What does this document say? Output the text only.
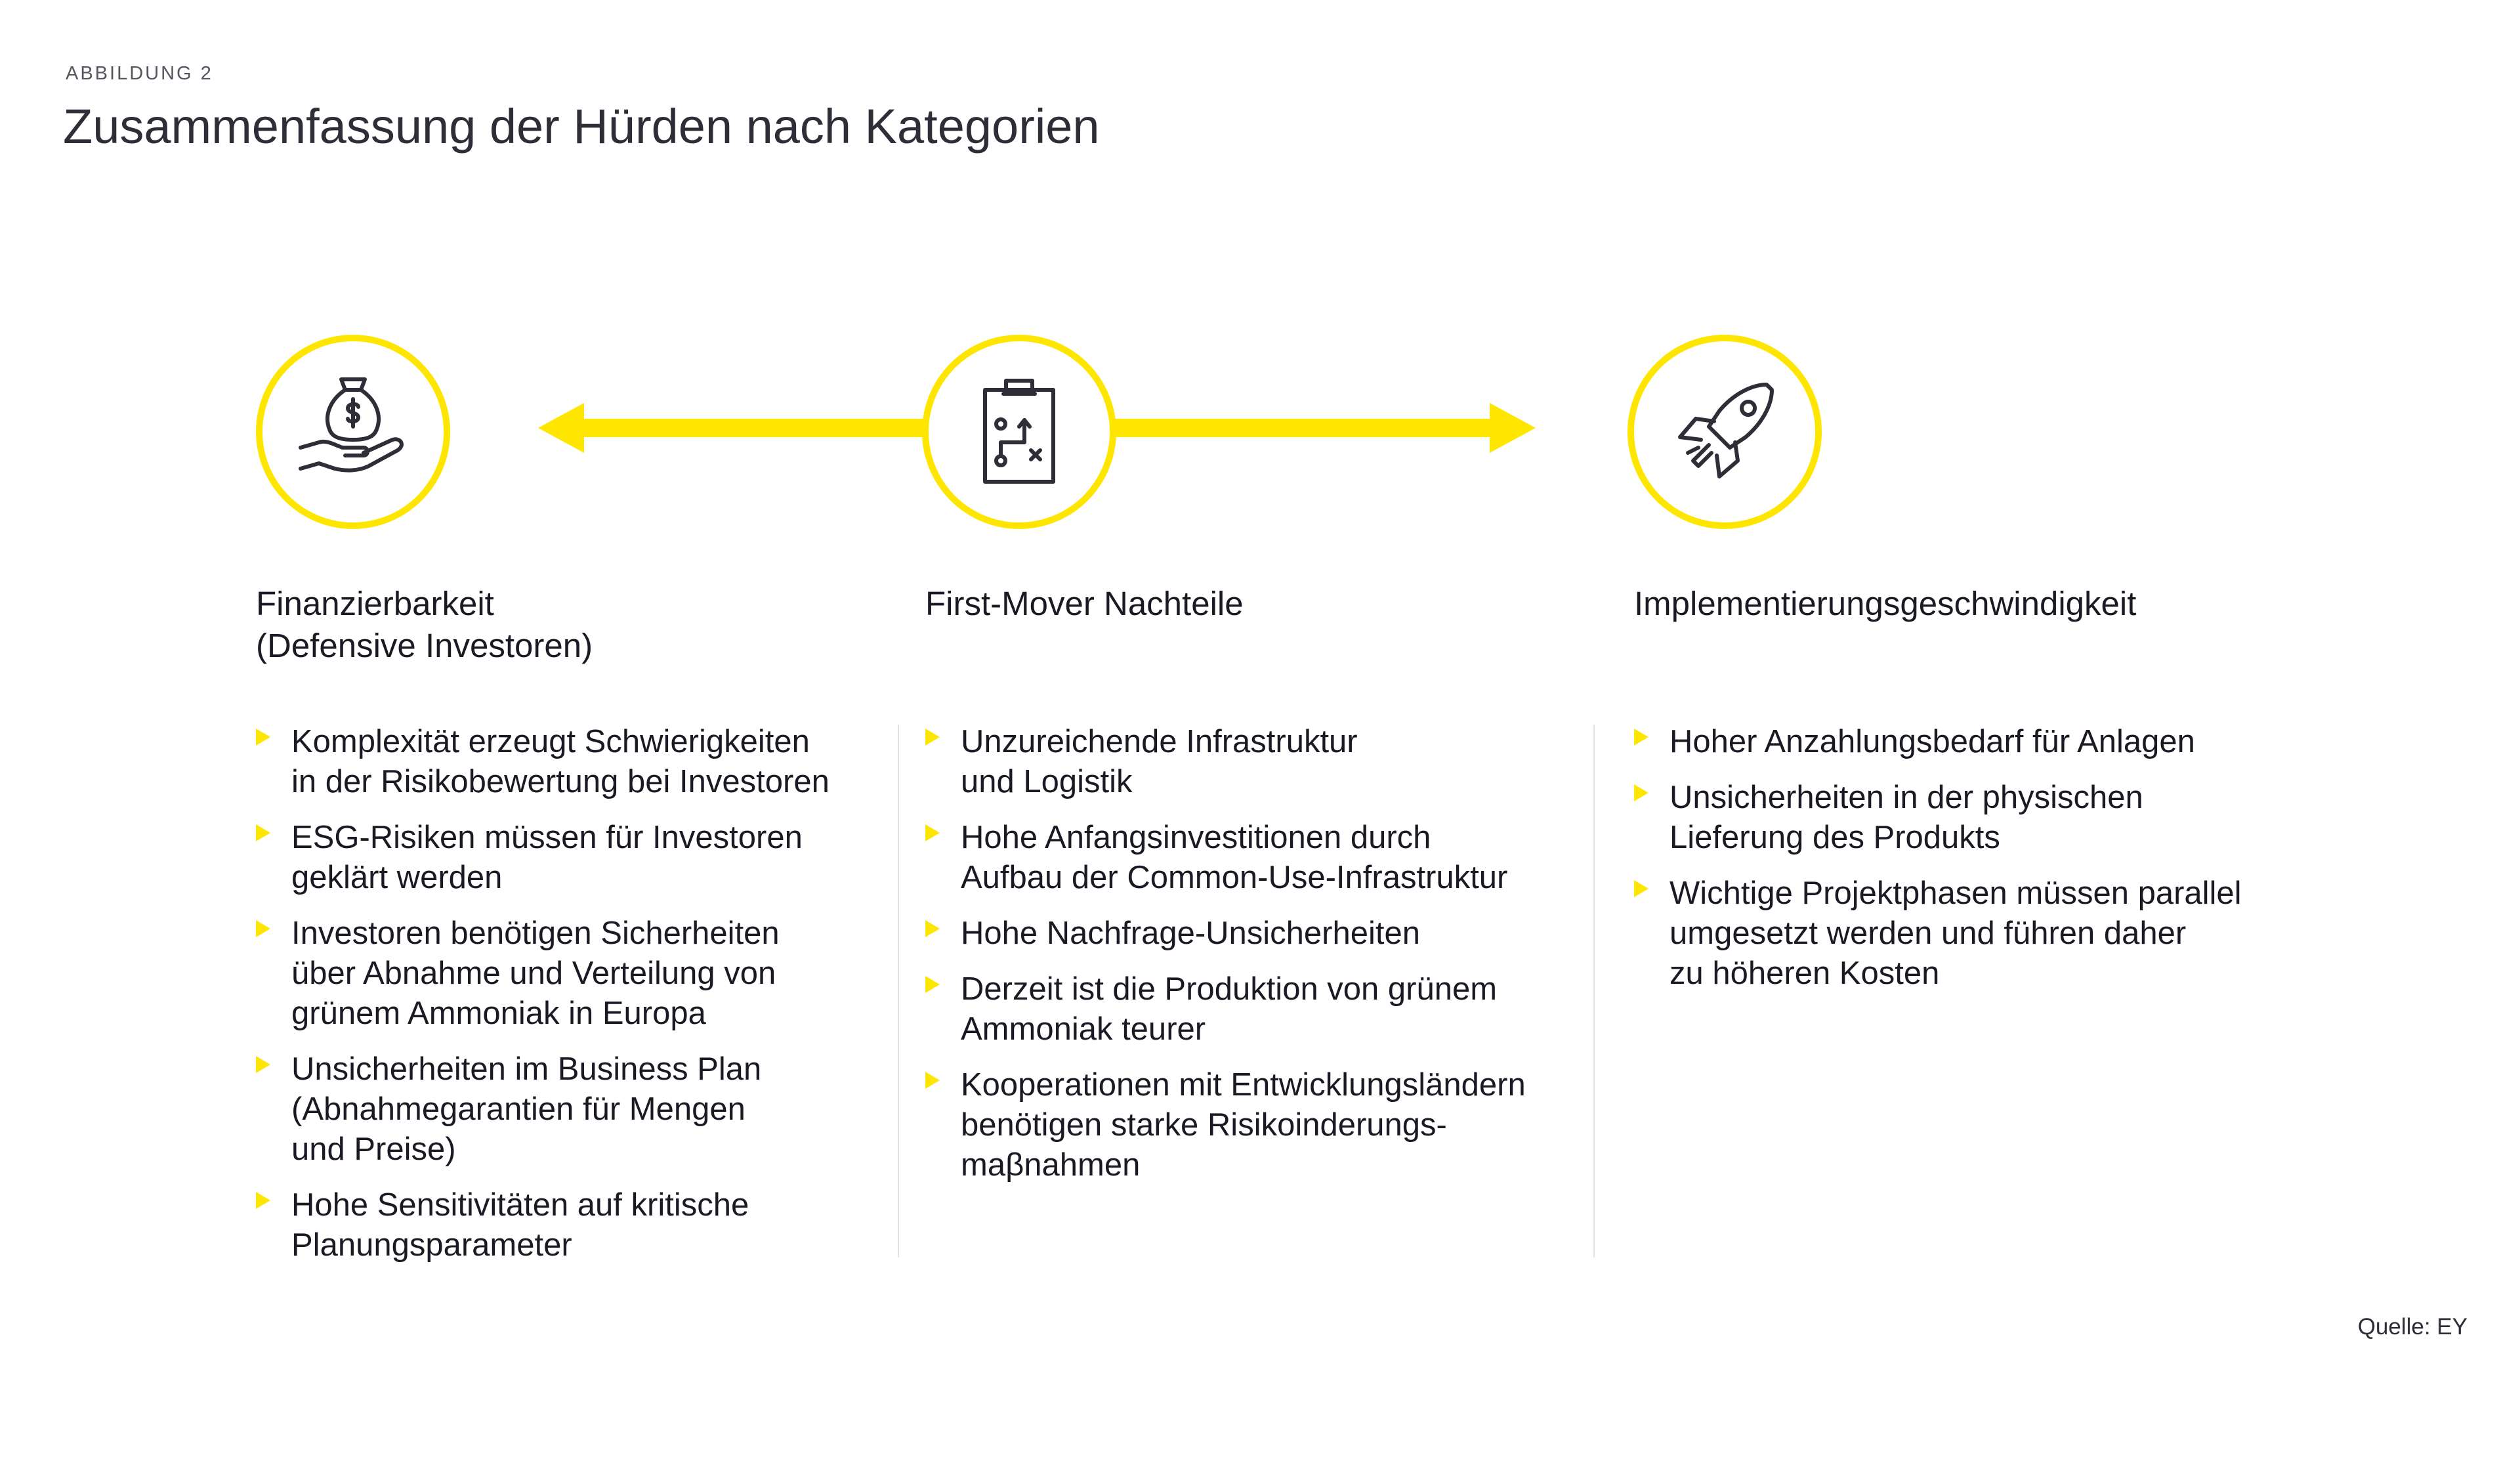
ABBILDUNG 2
Zusammenfassung der Hürden nach Kategorien
Finanzierbarkeit
(Defensive Investoren)
First-Mover Nachteile	Implementierungsgeschwindigkeit
Komplexität erzeugt Schwierigkeiten
in der Risikobewertung bei Investoren
ESG-Risiken müssen für Investoren
geklärt werden
Investoren benötigen Sicherheiten
über Abnahme und Verteilung von
grünem Ammoniak in Europa
Unsicherheiten im Business Plan
(Abnahmegarantien für Mengen
und Preise)
Hohe Sensitivitäten auf kritische
Planungsparameter
Unzureichende Infrastruktur
und Logistik
Hohe Anfangsinvestitionen durch
Aufbau der Common-Use-Infrastruktur
Hohe Nachfrage-Unsicherheiten
Derzeit ist die Produktion von grünem
Ammoniak teurer
Kooperationen mit Entwicklungsländern
benötigen starke Risikoinderungs-
maβnahmen
Hoher Anzahlungsbedarf für Anlagen
Unsicherheiten in der physischen
Lieferung des Produkts
Wichtige Projektphasen müssen parallel
umgesetzt werden und führen daher
zu höheren Kosten
Quelle: EY
